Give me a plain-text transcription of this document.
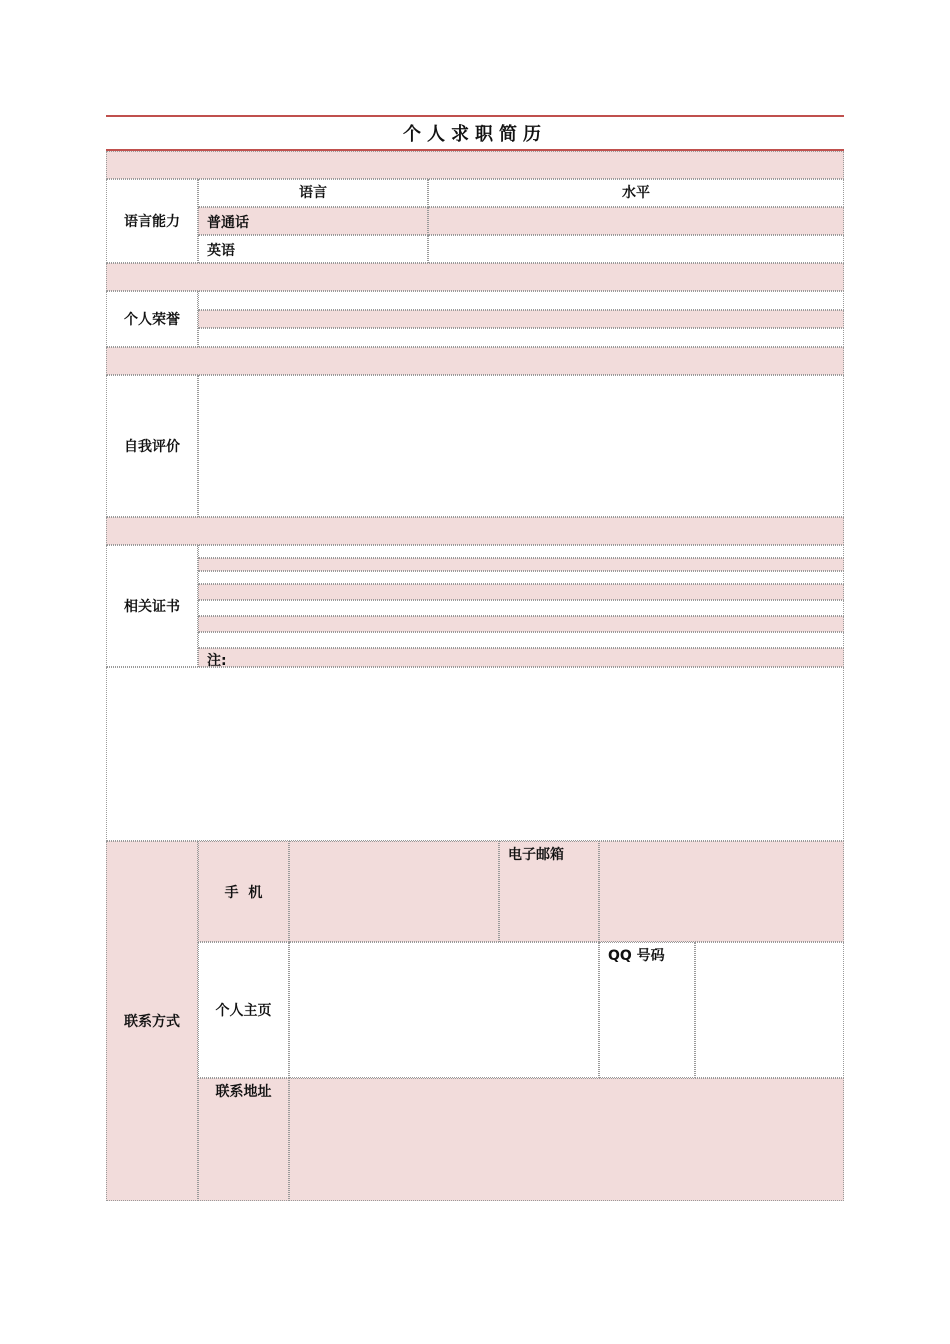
个人求职简历
语言能力
语言	水平
普通话
英语
个人荣誉
自我评价
相关证书
注:
联系方式
手  机
电子邮箱
个人主页
QQ 号码
联系地址
